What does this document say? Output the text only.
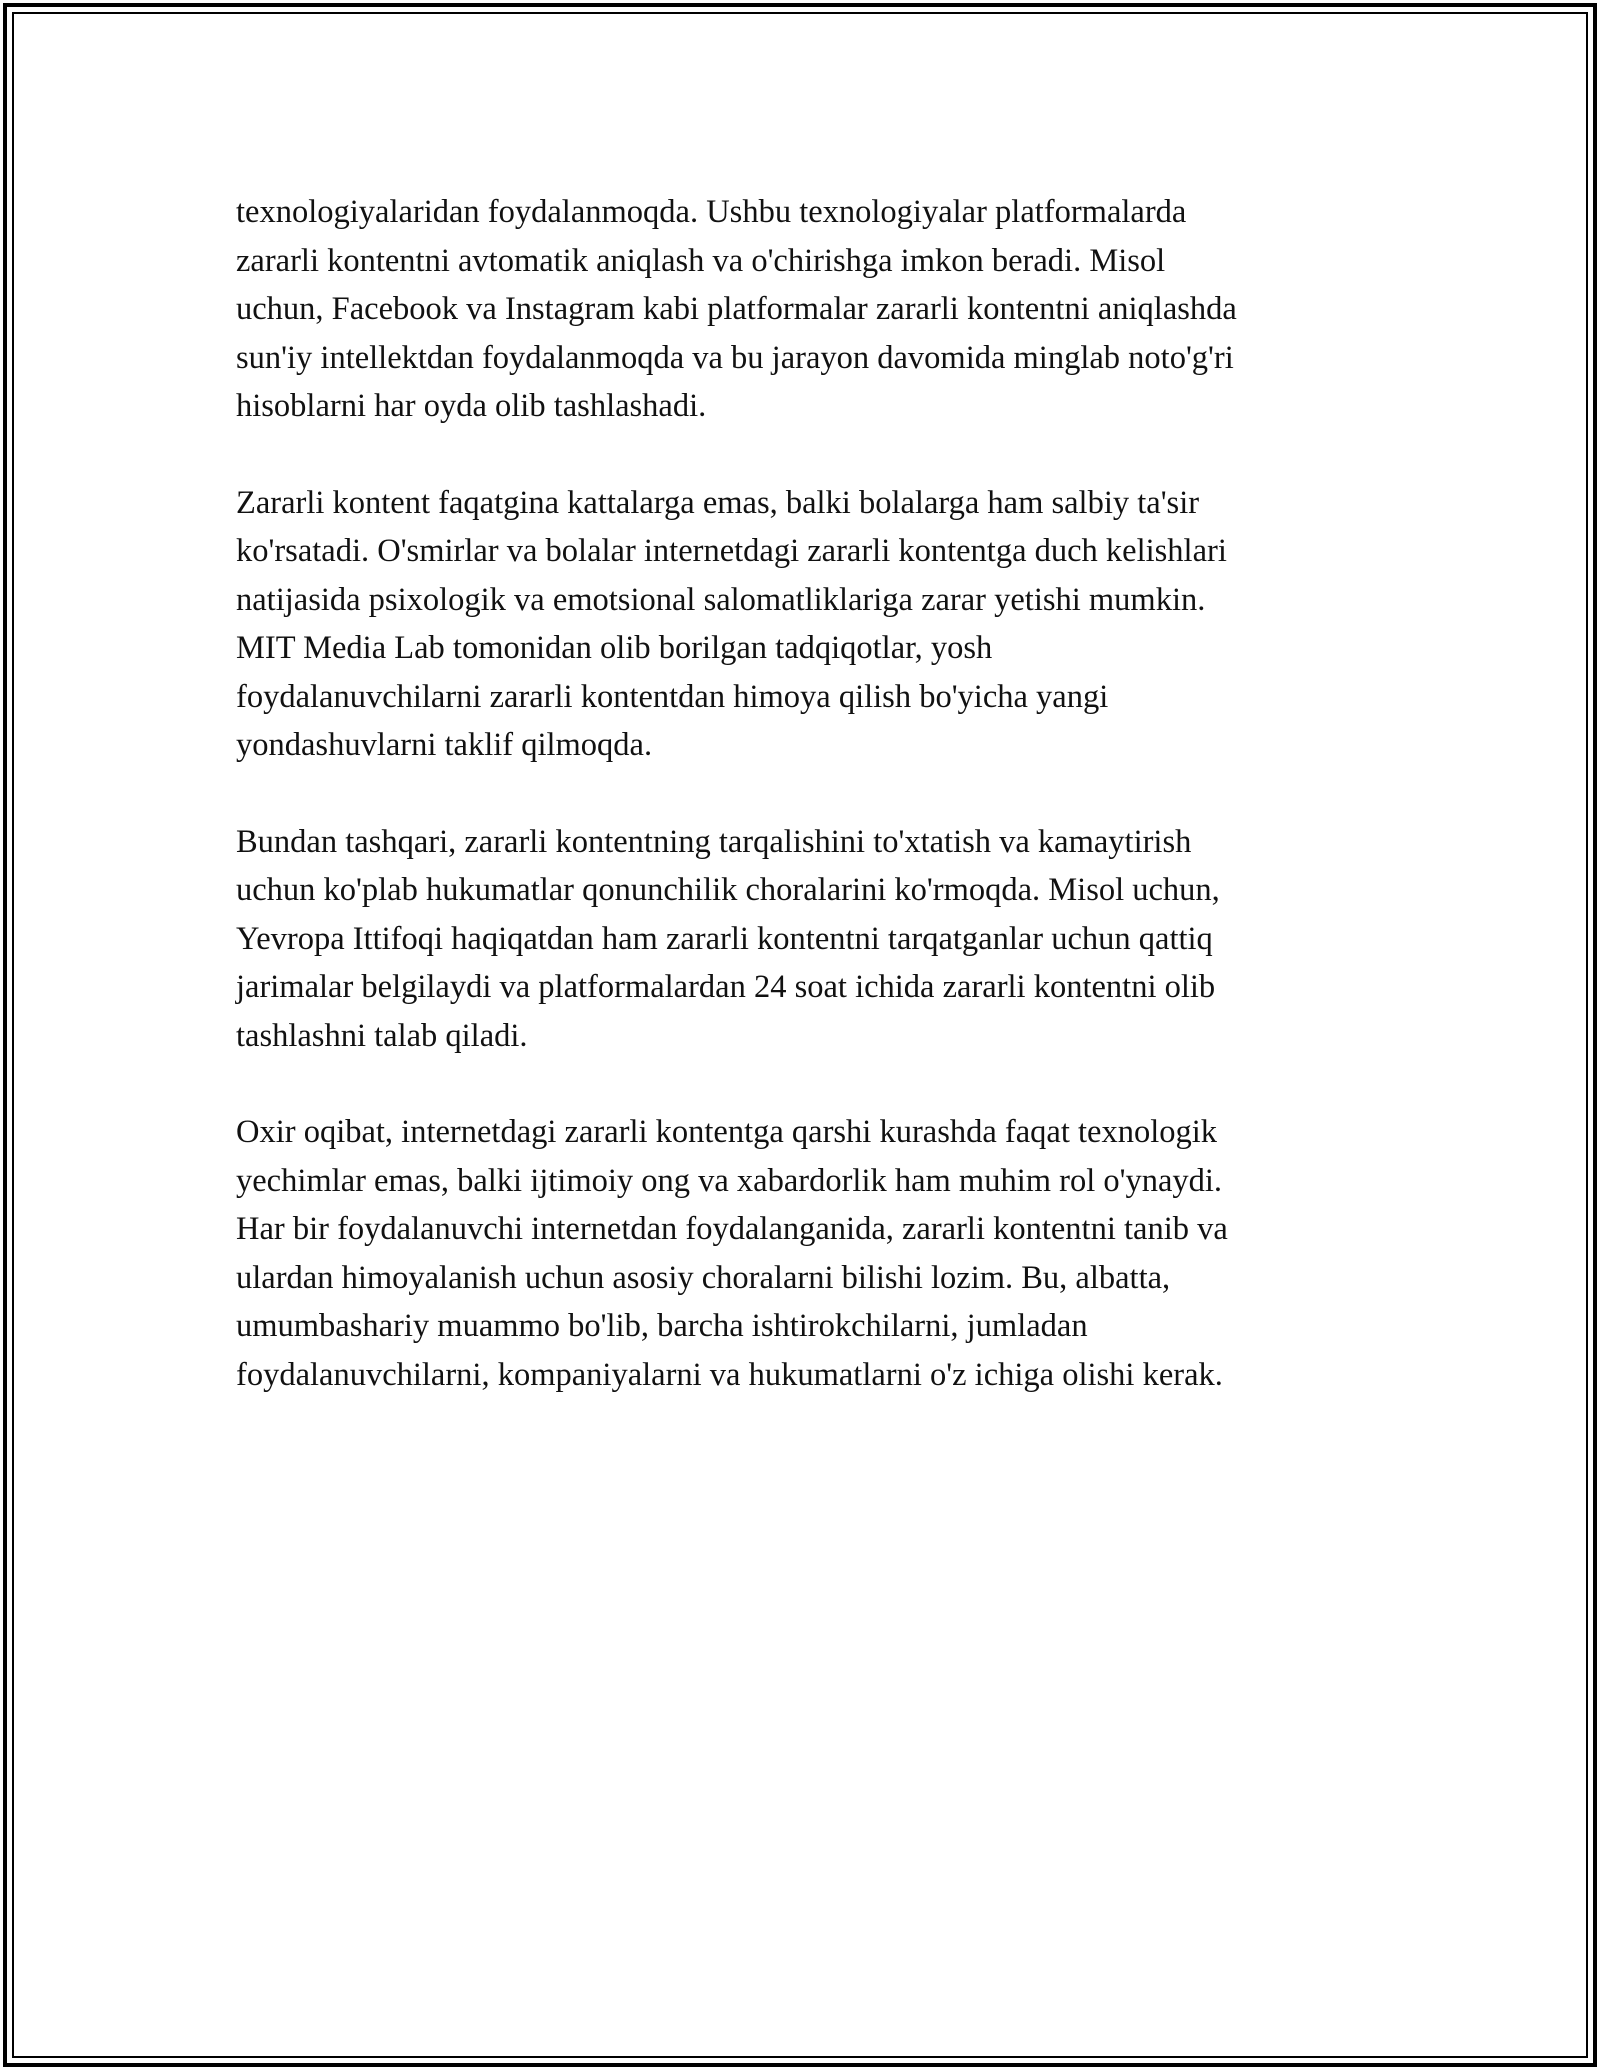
texnologiyalaridan foydalanmoqda. Ushbu texnologiyalar platformalarda
zararli kontentni avtomatik aniqlash va o'chirishga imkon beradi. Misol
uchun, Facebook va Instagram kabi platformalar zararli kontentni aniqlashda
sun'iy intellektdan foydalanmoqda va bu jarayon davomida minglab noto'g'ri
hisoblarni har oyda olib tashlashadi.

Zararli kontent faqatgina kattalarga emas, balki bolalarga ham salbiy ta'sir
ko'rsatadi. O'smirlar va bolalar internetdagi zararli kontentga duch kelishlari
natijasida psixologik va emotsional salomatliklariga zarar yetishi mumkin.
MIT Media Lab tomonidan olib borilgan tadqiqotlar, yosh
foydalanuvchilarni zararli kontentdan himoya qilish bo'yicha yangi
yondashuvlarni taklif qilmoqda.

Bundan tashqari, zararli kontentning tarqalishini to'xtatish va kamaytirish
uchun ko'plab hukumatlar qonunchilik choralarini ko'rmoqda. Misol uchun,
Yevropa Ittifoqi haqiqatdan ham zararli kontentni tarqatganlar uchun qattiq
jarimalar belgilaydi va platformalardan 24 soat ichida zararli kontentni olib
tashlashni talab qiladi.

Oxir oqibat, internetdagi zararli kontentga qarshi kurashda faqat texnologik
yechimlar emas, balki ijtimoiy ong va xabardorlik ham muhim rol o'ynaydi.
Har bir foydalanuvchi internetdan foydalanganida, zararli kontentni tanib va
ulardan himoyalanish uchun asosiy choralarni bilishi lozim. Bu, albatta,
umumbashariy muammo bo'lib, barcha ishtirokchilarni, jumladan
foydalanuvchilarni, kompaniyalarni va hukumatlarni o'z ichiga olishi kerak.
